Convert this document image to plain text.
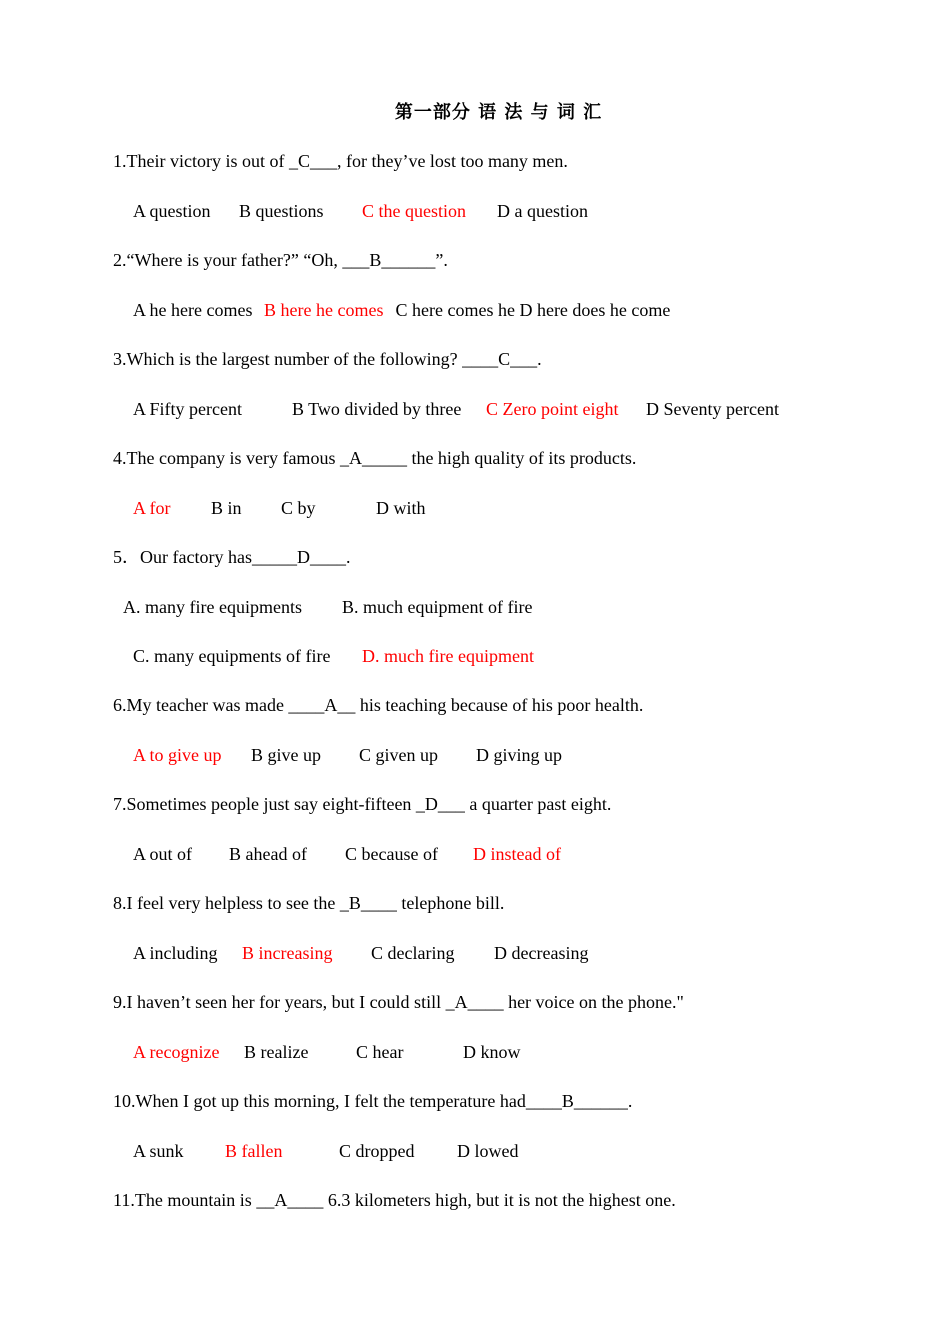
第一部分 语 法 与 词 汇
1.Their victory is out of _C___, for they’ve lost too many men.
A question B questions C the question D a question
2.“Where is your father?” “Oh, ___B______”.
A he here comes B here he comes C here comes he D here does he come
3.Which is the largest number of the following? ____C___.
A Fifty percent	B Two divided by three C Zero point eight D Seventy percent
4.The company is very famous _A_____ the high quality of its products.
A for B in C by	D with
5．Our factory has_____D____.
A. many fire equipments B. much equipment of fire
C. many equipments of fire D. much fire equipment
6.My teacher was made ____A__ his teaching because of his poor health.
A to give up B give up C given up D giving up
7.Sometimes people just say eight-fifteen _D___ a quarter past eight.
A out of B ahead of C because of D instead of
8.I feel very helpless to see the _B____ telephone bill.
A including B increasing C declaring D decreasing
9.I haven’t seen her for years, but I could still _A____ her voice on the phone."
A recognize B realize	C hear	D know
10.When I got up this morning, I felt the temperature had____B______.
A sunk B fallen	C dropped D lowed
11.The mountain is __A____ 6.3 kilometers high, but it is not the highest one.
